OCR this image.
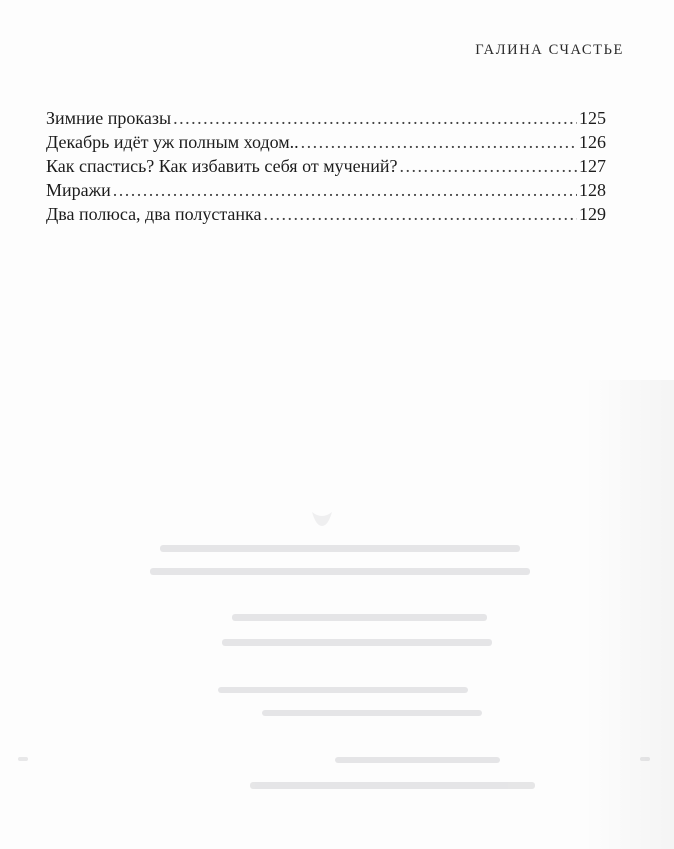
ГАЛИНА СЧАСТЬЕ
Зимние проказы .....	125
Декабрь идёт уж полным ходом.. .....	126
Как спастись? Как избавить себя от мучений? .....	127
Миражи .....	128
Два полюса, два полустанка .....	129
